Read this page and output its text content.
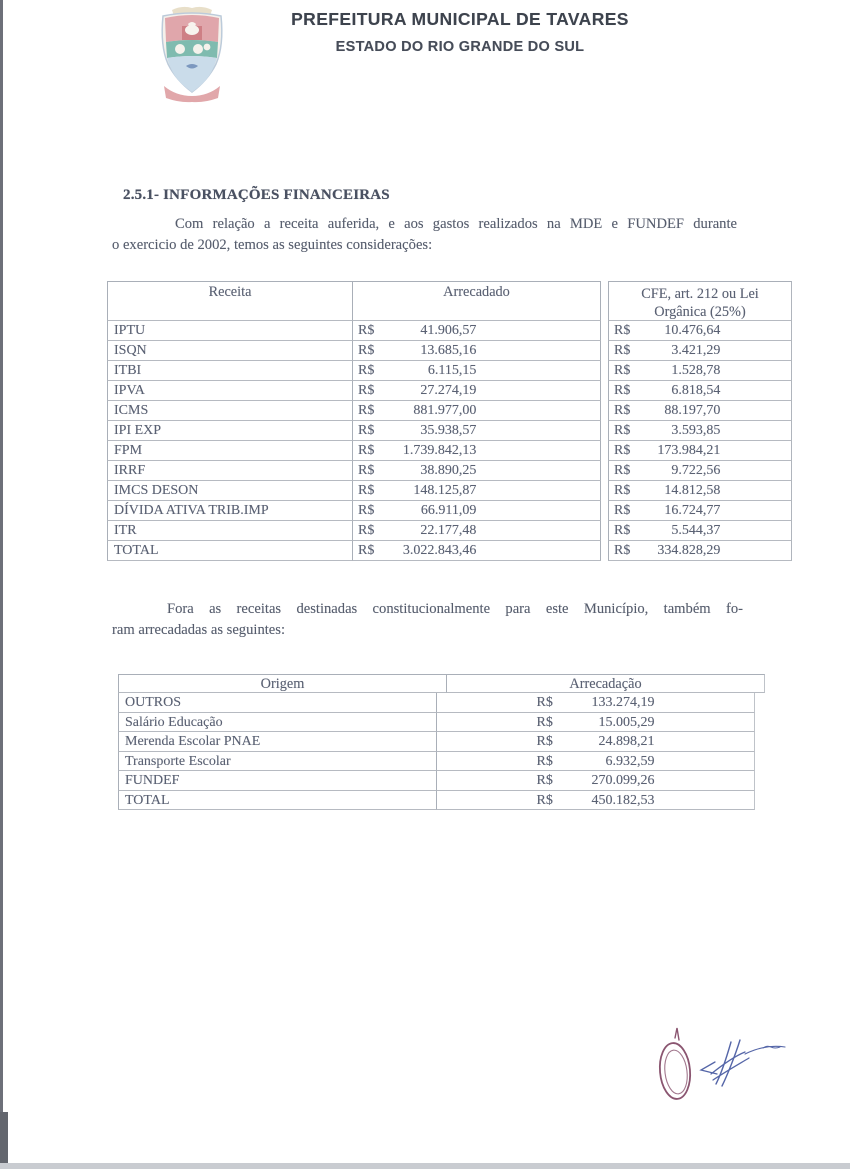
PREFEITURA MUNICIPAL DE TAVARES
ESTADO DO RIO GRANDE DO SUL
2.5.1- INFORMAÇÕES FINANCEIRAS
Com relação a receita auferida, e aos gastos realizados na MDE e FUNDEF durante
o exercicio de 2002, temos as seguintes considerações:
Receita	Arrecadado	CFE, art. 212 ou Lei
Orgânica (25%)
IPTU	R$	41.906,57	R$	10.476,64
ISQN	R$	13.685,16	R$	3.421,29
ITBI	R$	6.115,15	R$	1.528,78
IPVA	R$	27.274,19	R$	6.818,54
ICMS	R$	881.977,00	R$	88.197,70
IPI EXP	R$	35.938,57	R$	3.593,85
FPM	R$	1.739.842,13	R$	173.984,21
IRRF	R$	38.890,25	R$	9.722,56
IMCS DESON	R$	148.125,87	R$	14.812,58
DÍVIDA ATIVA TRIB.IMP	R$	66.911,09	R$	16.724,77
ITR	R$	22.177,48	R$	5.544,37
TOTAL	R$	3.022.843,46	R$	334.828,29
Fora as receitas destinadas constitucionalmente para este Município, também fo-
ram arrecadadas as seguintes:
Origem	Arrecadação
OUTROS	R$	133.274,19
Salário Educação	R$	15.005,29
Merenda Escolar PNAE	R$	24.898,21
Transporte Escolar	R$	6.932,59
FUNDEF	R$	270.099,26
TOTAL	R$	450.182,53
